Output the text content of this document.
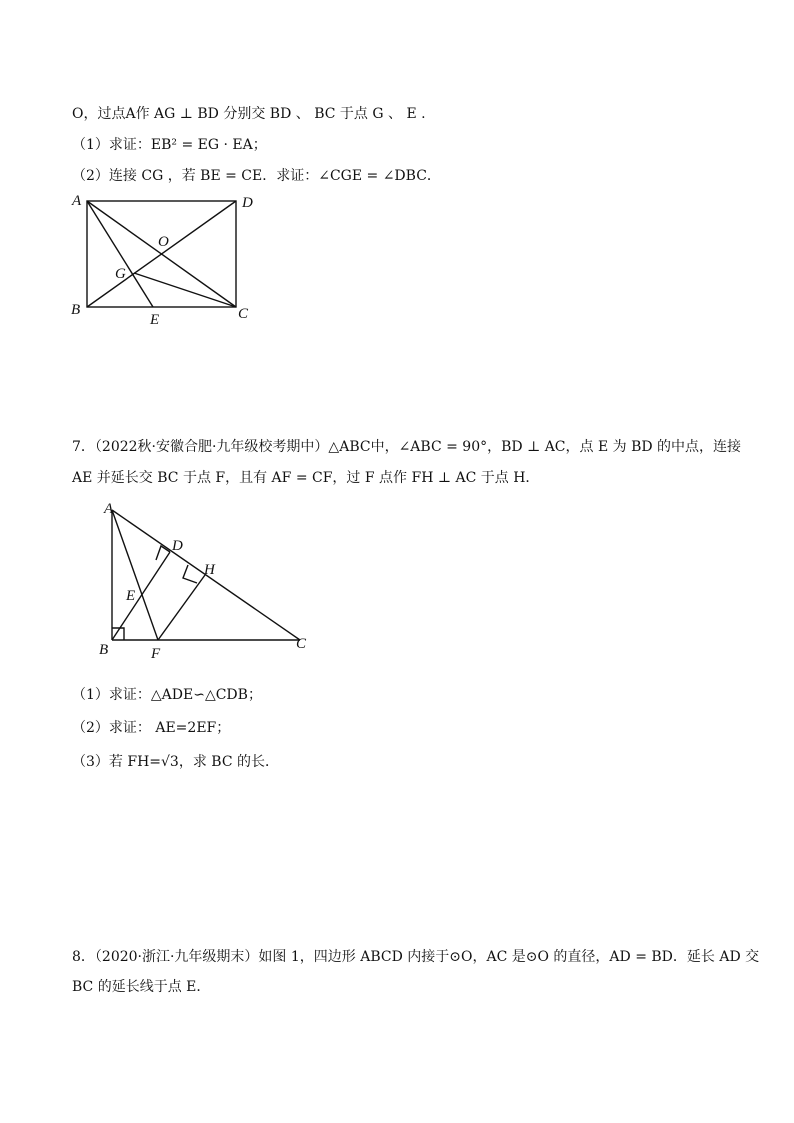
O，过点A作 AG ⊥ BD 分别交 BD 、 BC 于点 G 、 E .
（1）求证：EB² = EG · EA；
（2）连接 CG ，若 BE = CE．求证：∠CGE = ∠DBC．
A	D
O
G
B
E	C
A
D
H
E
B	F
C
7．（2022秋·安徽合肥·九年级校考期中）△ABC中，∠ABC = 90°，BD ⊥ AC，点 E 为 BD 的中点，连接
AE 并延长交 BC 于点 F，且有 AF = CF，过 F 点作 FH ⊥ AC 于点 H．
（1）求证：△ADE∽△CDB；
（2）求证： AE=2EF；
（3）若 FH=√3，求 BC 的长．
8．（2020·浙江·九年级期末）如图 1，四边形 ABCD 内接于⊙O，AC 是⊙O 的直径，AD = BD．延长 AD 交
BC 的延长线于点 E．
